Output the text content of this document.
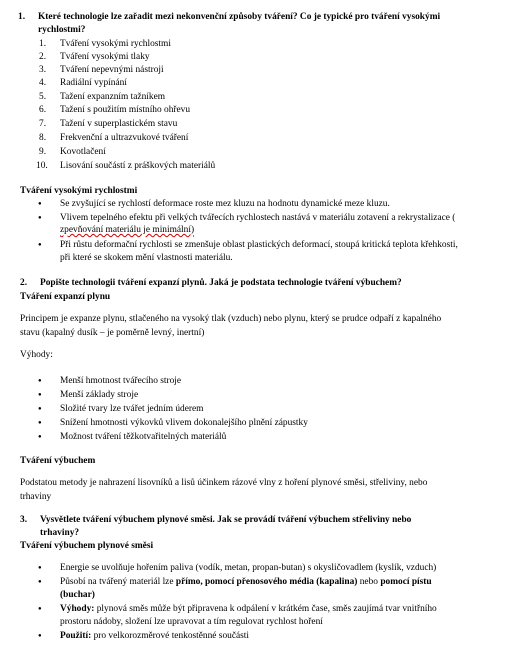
1. Které technologie lze zařadit mezi nekonvenční způsoby tváření? Co je typické pro tváření vysokými
rychlostmi?
1. Tváření vysokými rychlostmi
2. Tváření vysokými tlaky
3. Tváření nepevnými nástroji
4. Radiální vypínání
5. Tažení expanzním tažníkem
6. Tažení s použitím místního ohřevu
7. Tažení v superplastickém stavu
8. Frekvenční a ultrazvukové tváření
9. Kovotlačení
10. Lisování součástí z práškových materiálů
Tváření vysokými rychlostmi
● Se zvyšující se rychlostí deformace roste mez kluzu na hodnotu dynamické meze kluzu.
● Vlivem tepelného efektu při velkých tvářecích rychlostech nastává v materiálu zotavení a rekrystalizace (
zpevňování materiálu je minimální)
● Při růstu deformační rychlosti se zmenšuje oblast plastických deformací, stoupá kritická teplota křehkosti,
při které se skokem mění vlastnosti materiálu.
2. Popište technologii tváření expanzí plynů. Jaká je podstata technologie tváření výbuchem?
Tváření expanzí plynu
Principem je expanze plynu, stlačeného na vysoký tlak (vzduch) nebo plynu, který se prudce odpaří z kapalného
stavu (kapalný dusík – je poměrně levný, inertní)
Výhody:
● Menší hmotnost tvářecího stroje
● Menší základy stroje
● Složité tvary lze tvářet jedním úderem
● Snížení hmotnosti výkovků vlivem dokonalejšího plnění zápustky
● Možnost tváření těžkotvařitelných materiálů
Tváření výbuchem
Podstatou metody je nahrazení lisovníků a lisů účinkem rázové vlny z hoření plynové směsi, střeliviny, nebo
trhaviny
3. Vysvětlete tváření výbuchem plynové směsi. Jak se provádí tváření výbuchem střeliviny nebo
trhaviny?
Tváření výbuchem plynové směsi
● Energie se uvolňuje hořením paliva (vodík, metan, propan-butan) s okysličovadlem (kyslík, vzduch)
● Působí na tvářený materiál lze přímo, pomocí přenosového média (kapalina) nebo pomocí pístu
(buchar)
● Výhody: plynová směs může být připravena k odpálení v krátkém čase, směs zaujímá tvar vnitřního
prostoru nádoby, složení lze upravovat a tím regulovat rychlost hoření
● Použití: pro velkorozměrové tenkostěnné součásti
